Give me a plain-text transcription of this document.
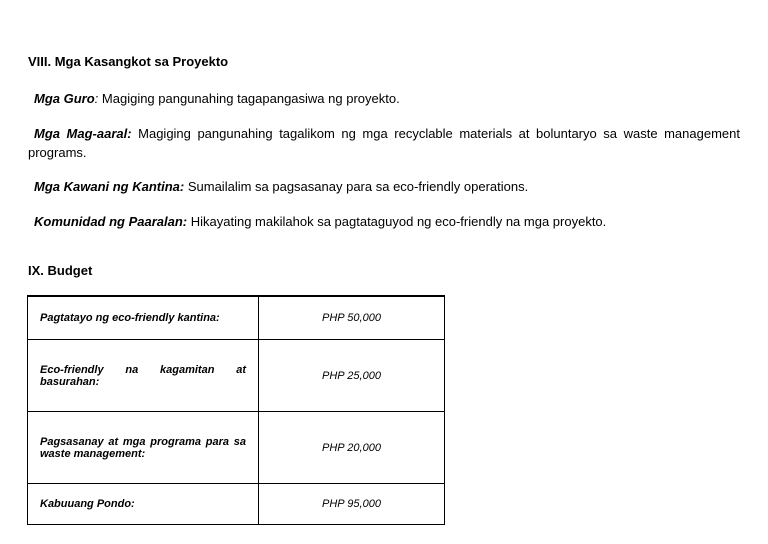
VIII. Mga Kasangkot sa Proyekto

Mga Guro: Magiging pangunahing tagapangasiwa ng proyekto.

Mga Mag-aaral: Magiging pangunahing tagalikom ng mga recyclable materials at boluntaryo sa waste management programs.

Mga Kawani ng Kantina: Sumailalim sa pagsasanay para sa eco-friendly operations.

Komunidad ng Paaralan: Hikayating makilahok sa pagtataguyod ng eco-friendly na mga proyekto.

IX. Budget
Pagtatayo ng eco-friendly kantina:	PHP 50,000
Eco-friendly na kagamitan at basurahan:	PHP 25,000
Pagsasanay at mga programa para sa waste management:	PHP 20,000
Kabuuang Pondo:	PHP 95,000
